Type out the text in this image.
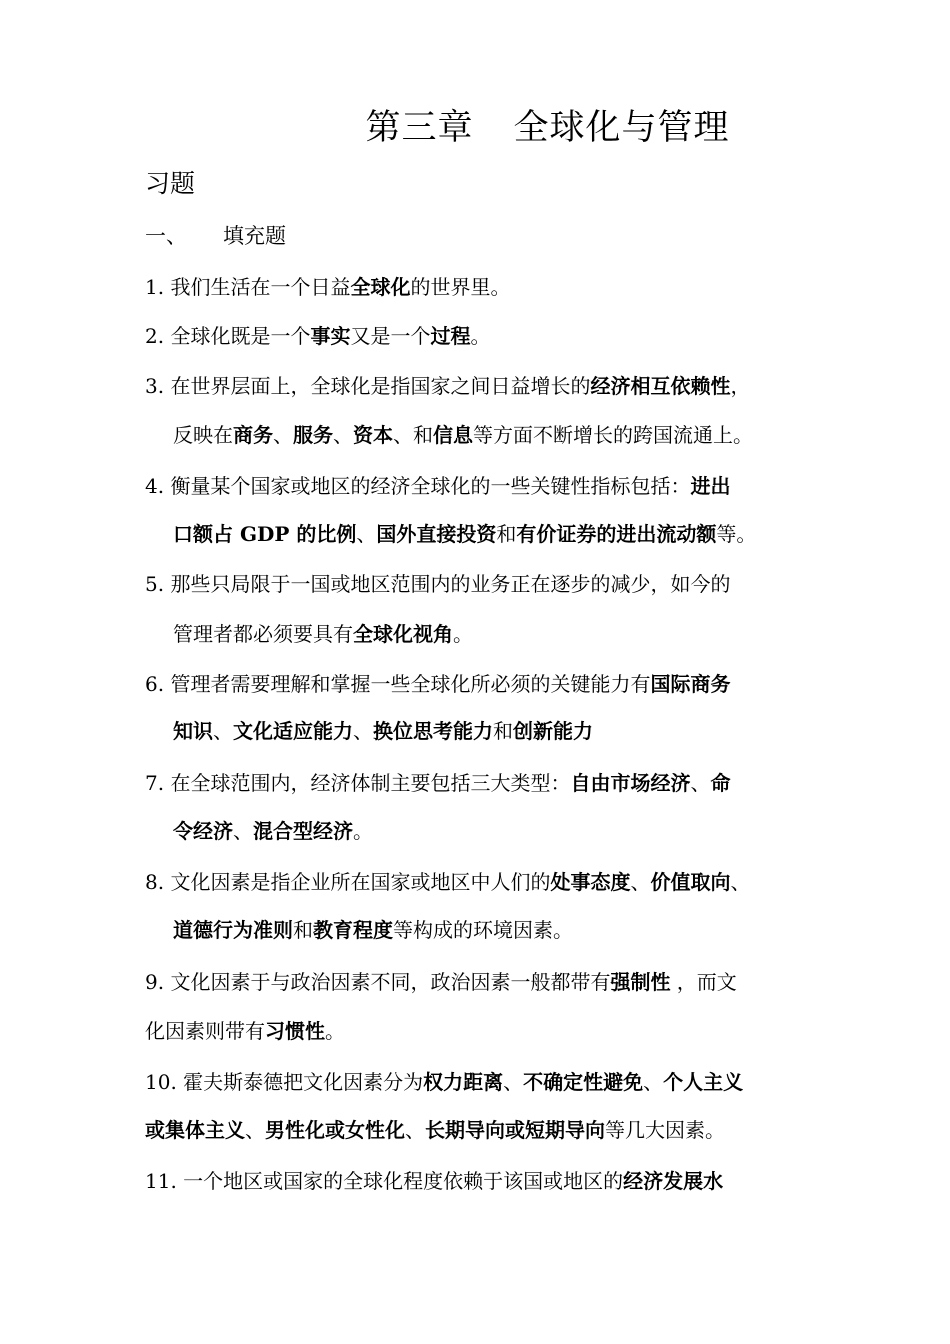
第三章 全球化与管理
习题
一、 填充题
1. 我们生活在一个日益全球化的世界里。
2. 全球化既是一个事实又是一个过程。
3. 在世界层面上，全球化是指国家之间日益增长的经济相互依赖性，
反映在商务、服务、资本、和信息等方面不断增长的跨国流通上。
4. 衡量某个国家或地区的经济全球化的一些关键性指标包括：进出
口额占 GDP 的比例、国外直接投资和有价证券的进出流动额等。
5. 那些只局限于一国或地区范围内的业务正在逐步的减少，如今的
管理者都必须要具有全球化视角。
6. 管理者需要理解和掌握一些全球化所必须的关键能力有国际商务
知识、文化适应能力、换位思考能力和创新能力
7. 在全球范围内，经济体制主要包括三大类型：自由市场经济、命
令经济、混合型经济。
8. 文化因素是指企业所在国家或地区中人们的处事态度、价值取向、
道德行为准则和教育程度等构成的环境因素。
9. 文化因素于与政治因素不同，政治因素一般都带有强制性 ，而文
化因素则带有习惯性。
10. 霍夫斯泰德把文化因素分为权力距离、不确定性避免、个人主义
或集体主义、男性化或女性化、长期导向或短期导向等几大因素。
11. 一个地区或国家的全球化程度依赖于该国或地区的经济发展水
